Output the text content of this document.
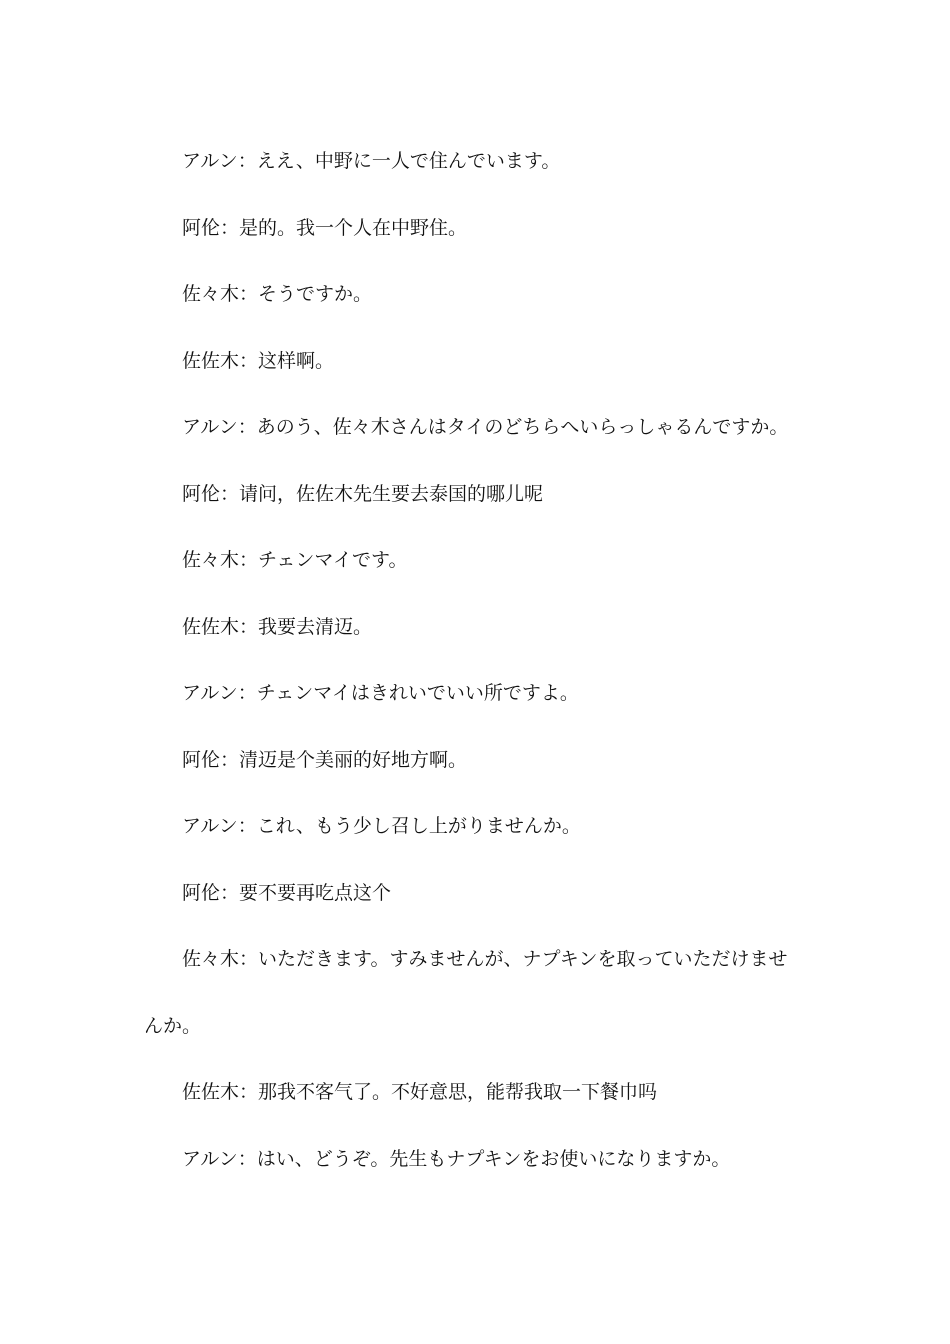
アルン：ええ、中野に一人で住んでいます。

阿伦：是的。我一个人在中野住。

佐々木：そうですか。

佐佐木：这样啊。

アルン：あのう、佐々木さんはタイのどちらへいらっしゃるんですか。

阿伦：请问，佐佐木先生要去泰国的哪儿呢

佐々木：チェンマイです。

佐佐木：我要去清迈。

アルン：チェンマイはきれいでいい所ですよ。

阿伦：清迈是个美丽的好地方啊。

アルン：これ、もう少し召し上がりませんか。

阿伦：要不要再吃点这个

佐々木：いただきます。すみませんが、ナプキンを取っていただけませんか。

佐佐木：那我不客气了。不好意思，能帮我取一下餐巾吗

アルン：はい、どうぞ。先生もナプキンをお使いになりますか。
